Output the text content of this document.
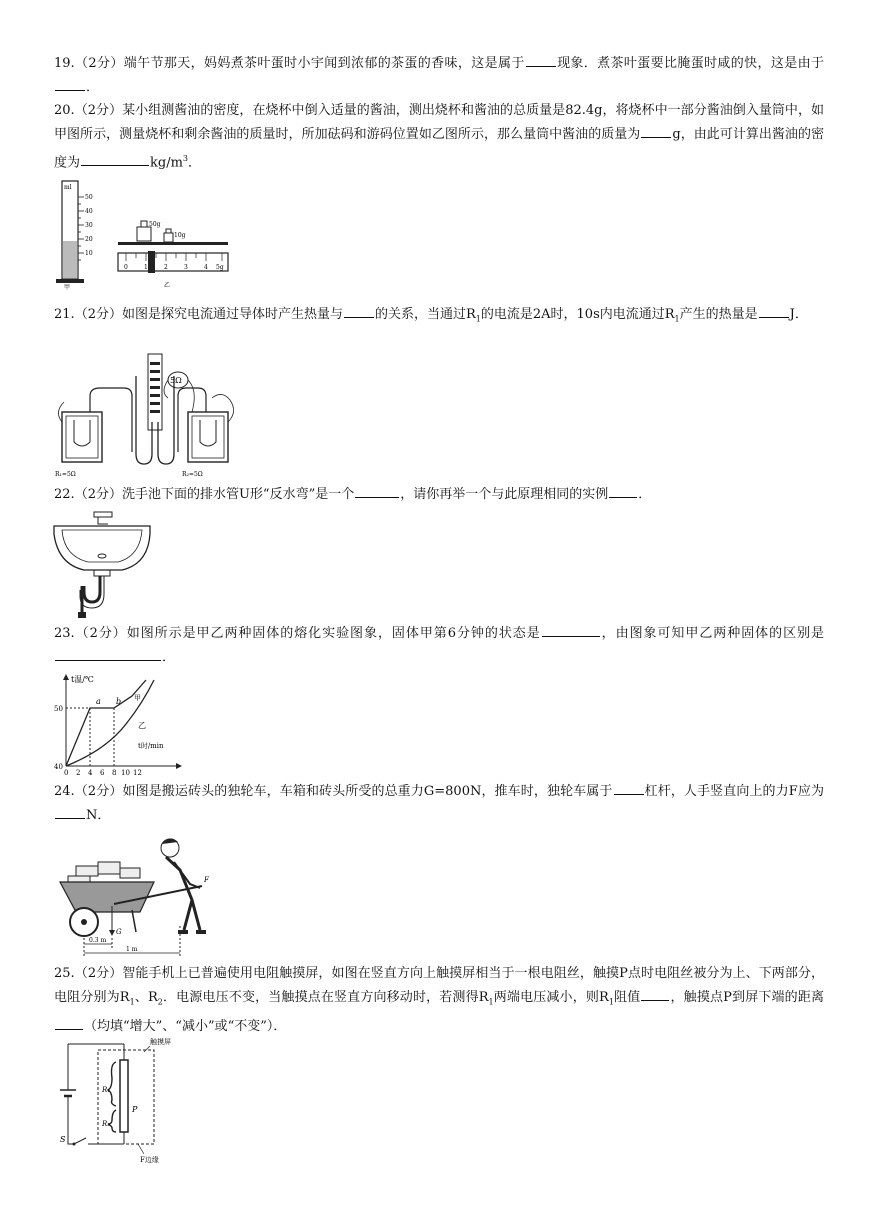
19.（2分）端午节那天，妈妈煮茶叶蛋时小宇闻到浓郁的茶蛋的香味，这是属于 现象．煮茶叶蛋要比腌蛋时咸的快，这是由于．
20.（2分）某小组测酱油的密度，在烧杯中倒入适量的酱油，测出烧杯和酱油的总质量是82.4g，将烧杯中一部分酱油倒入量筒中，如甲图所示，测量烧杯和剩余酱油的质量时，所加砝码和游码位置如乙图所示，那么量筒中酱油的质量为 g，由此可计算出酱油的密度为	$kg/m^3$．
ml
50
40
30
20
10
甲
50g
10g
0	1	2	3	4 5g
乙
21.（2分）如图是探究电流通过导体时产生热量与 的关系，当通过$R_1$的电流是2A时，10s内电流通过$R_1$产生的热量是 J．
5Ω
R₁=5Ω	R₂=5Ω
22.（2分）洗手池下面的排水管U形“反水弯”是一个	，请你再举一个与此原理相同的实例 ．
23.（2分）如图所示是甲乙两种固体的熔化实验图象，固体甲第6分钟的状态是	，由图象可知甲乙两种固体的区别是．
t温/℃
t时/min
50
40
0 2 4 6 8 10 12
a b 甲
乙
24.（2分）如图是搬运砖头的独轮车，车箱和砖头所受的总重力G=800N，推车时，独轮车属于 杠杆，人手竖直向上的力F应为N．
G
F
0.3 m
1 m
25.（2分）智能手机上已普遍使用电阻触摸屏，如图在竖直方向上触摸屏相当于一根电阻丝，触摸P点时电阻丝被分为上、下两部分，电阻分别为$R_1$、$R_2$．电源电压不变，当触摸点在竖直方向移动时，若测得$R_1$两端电压减小，则$R_1$阻值 ，触摸点P到屏下端的距离（均填“增大”、“减小”或“不变”）．
S
R₁
R₂
P
触摸屏
F边缘
